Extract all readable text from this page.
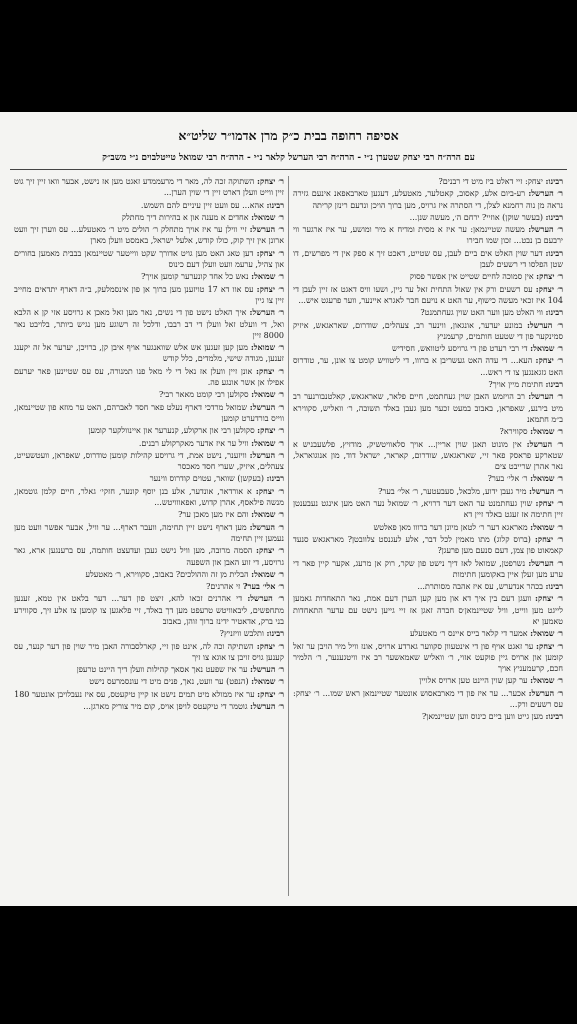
אסיפה רחופה בבית כ״ק מרן אדמו״ר שליט״א
עם הרה״ח רבי יצחק שטערן נ״י - הרה״ח רבי הערשל קלאר נ״י - הרה״ח רבי שמואל טייטלבוים נ״י משב״ק
רבינו: יצחק: זיי דאלט ביז מיט די רבנים?
ר׳ הערשל: רע-ביום אלע, קאסוב, קאטלער, מאטעלע, דעגען טארבאפאנ אינעם גזירה נראה מן נוה רחמנא לצלן, די הסתרה איז גרויס, מען ברוך הויכן ונדעם רינזן קריתה
רבינו: (בעשר שוקן) אוזיי? ירחם ה׳, מעשה שנן...
ר׳ הערשל: מעשה שטיינמאן: ער איז א מסית ומדיח א מיר ומושע, ער איז ארגער ווי ירבעם בן נבט... זכון שמו חבירו
רבינו: דער שוין האלט אים ביים לעבן, עס שטייט, דאכט זיך א ספק אין די מפרשים, דו שטן הפלסו די רשעים לעבן
ר׳ יצחק: אין סמוכה לחיים שטייט אין אפשר פסוק
ר׳ יצחק: עס רשעים ורק אין שאול התחית זאל ער גיין, ושעו וויס דאגט אז זיין לעבן די 104 איז זכאי מעשה כישוף, ער האט א נויעם חבר לאגרא איינער, ווער פרעגט איש...
רבינו: ווי האלט מען ווער האט שוין געחתמנט?
ר׳ הערשל: במונע יעדער, אונגאון, ווינער רב, צעהלים, שודרום, שאראגאש, איזיק סמינקער פון די שטעט חותמים, קרעמניץ
ר׳ שמואל: די רבי רעדט פון די גרויסע ליטוואש, חסידיש
ר׳ יצחק: העא... די עדה האט געשריבן א ברווו, די ליטוויש קומט צו אונן, ער, טודרוס האט גזגאנגען צו די ראש...
רבינו: חתימת מיין אויך?
ר׳ הערשל: רב הויזמש האבן שוין געחתמט, חיים פלאר, שאראגאש, קאלטנבורנער רב מיט בירנע, שאפראן, באבוב במעט זכער מען געבן באלד תשובה, ר׳ וואליש, סקווירא ב״מ חתמאנ
ר׳ שמואל: סקווירא?
ר׳ הערשל: אין מונוט תאנן שוין אריין... אויך סלאוויטשיק, מודזיץ, פלשעבניש א שטארקע פראסק פאר זיי, שאראגאש, שודרום, קאראר, ישראל דוד, מון אנוגואראל, נאר אהרן שרייבט צים
ר׳ שמואל: ר׳ אלי׳ בער?
ר׳ הערשל: מיר געבן ידוע, מלכאל, סעבעטער, ר׳ אלי׳ בער?
ר׳ יצחק: שוין געחתמנט ער האט דער דרויא, ר׳ שמואל נער האט מען אינגט נעבענטן זיין חתימה אז זעגט באלד זיין דא
ר׳ שמואל: מאראגא דער ר׳ לטאן מיונן דער ברווו מאן פאלטש
ר׳ יצחק: (ברוס קלוג) מתו מאמין לכל דבר, אלע לעגנסט צלוובטן? מאראגאש סנעד קאמאוט פון צמן, דעם סנעם מען פרעגן?
ר׳ הערשל: נשרפטן, שמואל לאז דיך נישט פון שקר, רוק אן מרעג, אקער קיין פאר די ערע מען זעלן איין באקומען חתימות
רבינו: בכהר אנדערש, עס איז אהבה מסותרת...
ר׳ יצחק: וועגן דעם בין איך דא און מען קען הערן דעם אמת, נאר התאחדות גאמען לייגט מען ווייט, וויל שטיינמאן׳ס חברה זאגן אז זיי גייען נישט עם עדער התאחדות טאמען יא
ר׳ שמואל: אמער די קלאר בייס איינס ר׳ מאטעלע
ר׳ יצחק: ער זאגט אויף פון די אינטעוון סקווער גארדע ארויס, אונז וויל מיר הויבן ער זאל קומען און ארויס גיין פוקעט אזוי, ר׳ וואליש שאמאשער רב איז וויטגענער, ר׳ הלמיר חכם, קרעמעניץ אויך
ר׳ שמואל: ער קען שוין היינט טען ארויס אלויין
ר׳ הערשל: אכער... ער איז פון די מארבאסוש אונטער שטיינמאן ראש שמו... ר׳ יצחק: עס רשעים ורק...
רבינו: מען גייט ווען ביים כינוס ווען שטיינמאן?
ר׳ יצחק: השתוקה זכה לה, מאר די מרעממדע זאגט מען אז נישט, אבער וואו זיין זיך גוט זיין ווייט וועלן דארט זיין די שוין הערן...
רבינו: אהא... עס וועט זיין עיניים להם השמש.
ר׳ שמואל: אחדים א מענה און א בהירות דיך מחתלק
ר׳ הערשל: זיי ווילן ער איז אויך מתחלק ר׳ הולים מיט ר׳ מאטעלע... עס ווערן זיך וועט ארונן אין זיך קוק, כולו קודש, אלעל ישראל, באמסט וועלן מארן
ר׳ יצחק: דען טאג האט מען גויט אדורך שקט ווייטער שטיינמאן בבבית מאמען בחורים און צהיל, ערעמ וועט וועלן דעם כינוס
ר׳ שמואל: נאש כל אחד קונערער קומען אויך?
ר׳ יצחק: עס אוו דא 17 טויזענן מען ברוך אן פון אינסמלעק, ב״ה דארף יתדאים מחייב זיין צו גיין
ר׳ הערשל: איך האלט נישט פון די נשים, נאר מען זאל מאכן א גרויסע אזי קן א הלבא ואל, די וועלט זאל וועלן די דב רבבו, ודלכל זה רשוגע מען נגיש ביותר, בלויבט נאר 8000 זיין
ר׳ שמואל: מען קען זעגען אש אלש שוואנגער אויף איבן קן, ברויכן, יערער אל זה יקענג זענען, מגודה שישי, מלמדים, כלל קודש
ר׳ יצחק: אונן זיין וועלן אז נאל די לי מאל פנו תמנורה, עס עס שטיינען פאר יערעם אפילו אן אשר אונגע פה.
ר׳ שמואל: סקולען רבי קומט מאאר רבי?
ר׳ הערשל: שמואל מרדכי דארף נעלט פאר חסד לאברהם, האט ער מוזא פון שטיינמאן, ווייס בורדערט קומען
ר׳ יצחק: סקולען רבי און ארקולע, קנערער און איינוולקער קומען
ר׳ שמואל: וויל ער איז אדער מאקרקולע רבנים.
ר׳ הערשל: וויזענר, נישט אמת, די גרויסע קהילות קומען טודרוס, שאפראן, וועטשעייט, צעהלים, איזיק, שערי חסד מאכסר
רבינו: (בעקשן) שוואר, עטוים קודרוס ווינער
ר׳ יצחק: א אורדאר, אונדער, אלע בנן יוסף קונער, חזקי׳ גאלר, חיים קלמן גוטמאן, מנשה פילאסף, אהרן קדוש, ואפאווויטש...
ר׳ שמואל: והם איז מען מאכן ער?
ר׳ הערשל: מען דארף נישט זיין תחימה, וועבר דארף... ער וויל, אבער אפשר וועט מען נעמען זיין תחימה
ר׳ יצחק: הסמה מרובה, מען וויל נישט געבן ועדעצט חותמה, עס ברענגען ארא, גאר גרויסע, די זוע האבן און השפעה
ר׳ שמואל: הבלית מן זה וההולכים? באבוב, סקווירא, ר׳ מאטעלע
ר׳ אלי׳ בער? זי אהרנים?
ר׳ הערשל: די אהרנים זכאו להא, זיצט פון דער... דער בלאט אין טמא, זענען מתחפשים, ליבאוויטש טרעפט מען דך באלד, זיי פלאגען צו קומען צו אלע זיך, סקווירע בני ברק, אדאטיר ידינז ברוך זוהן, באבוב
רבינו: ותלבש וויזניץ?
ר׳ יצחק: השתיקה וכה לה, אינט פון זיי, קארלסבורה האבן מיר שוין פון דער קנער, עס קענען גויס זויבן צו אוגא צו זיך
ר׳ הערשל: ער איז שפעט נאך אסאך קהילות וועלן דיך היינט טרעפן
ר׳ שמואל: (הנפט) ער וועט, נאך, פנים מיט די עונסמרעס נישט
ר׳ יצחק: ער איז ממולא מיט תמים נישט אז קיין טיקעטס, עס איז נעבלויבן אונטער 180
ר׳ הערשל: גוטמר די טיקעטס לויפן אויס, קום מיר צוריק מארגן...
